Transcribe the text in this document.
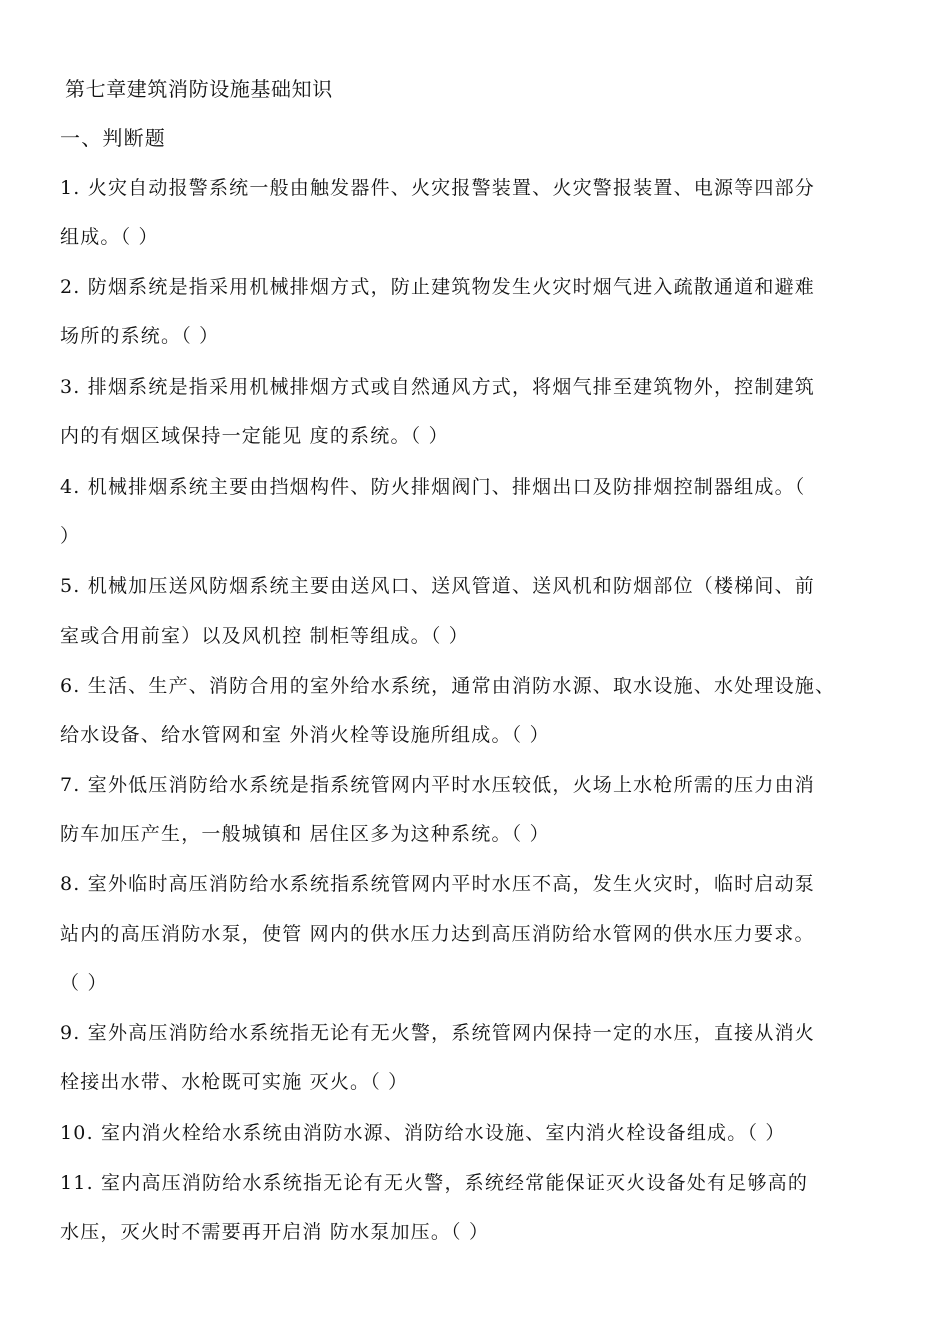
第七章建筑消防设施基础知识
一、判断题
1. 火灾自动报警系统一般由触发器件、火灾报警装置、火灾警报装置、电源等四部分
组成。（ ）
2. 防烟系统是指采用机械排烟方式，防止建筑物发生火灾时烟气进入疏散通道和避难
场所的系统。（ ）
3. 排烟系统是指采用机械排烟方式或自然通风方式，将烟气排至建筑物外，控制建筑
内的有烟区域保持一定能见 度的系统。（ ）
4. 机械排烟系统主要由挡烟构件、防火排烟阀门、排烟出口及防排烟控制器组成。（
）
5. 机械加压送风防烟系统主要由送风口、送风管道、送风机和防烟部位（楼梯间、前
室或合用前室）以及风机控 制柜等组成。（ ）
6. 生活、生产、消防合用的室外给水系统，通常由消防水源、取水设施、水处理设施、
给水设备、给水管网和室 外消火栓等设施所组成。（ ）
7. 室外低压消防给水系统是指系统管网内平时水压较低，火场上水枪所需的压力由消
防车加压产生，一般城镇和 居住区多为这种系统。（ ）
8. 室外临时高压消防给水系统指系统管网内平时水压不高，发生火灾时，临时启动泵
站内的高压消防水泵，使管 网内的供水压力达到高压消防给水管网的供水压力要求。
（ ）
9. 室外高压消防给水系统指无论有无火警，系统管网内保持一定的水压，直接从消火
栓接出水带、水枪既可实施 灭火。（ ）
10. 室内消火栓给水系统由消防水源、消防给水设施、室内消火栓设备组成。（ ）
11. 室内高压消防给水系统指无论有无火警，系统经常能保证灭火设备处有足够高的
水压，灭火时不需要再开启消 防水泵加压。（ ）
